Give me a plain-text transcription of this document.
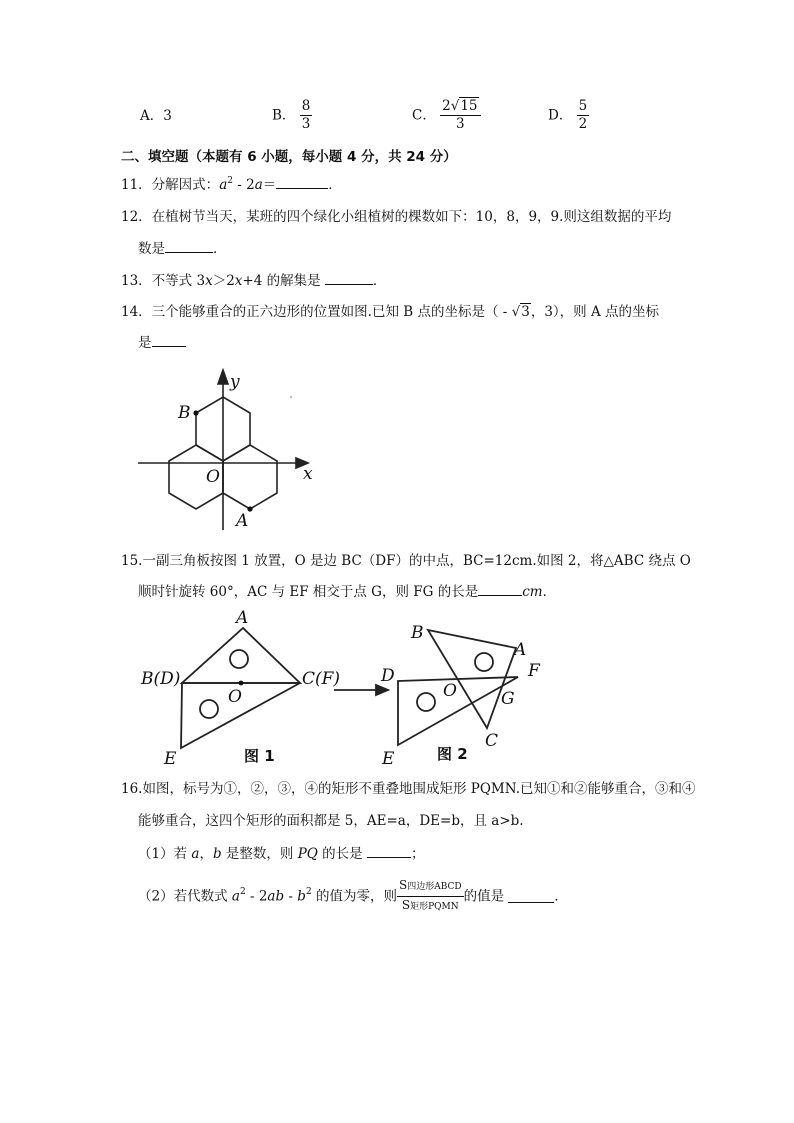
A．3	B． $\frac{8}{3}$	C． $\frac{2√15}{3}$	D． $\frac{5}{2}$
二、填空题（本题有 6 小题，每小题 4 分，共 24 分）
11．分解因式：$a^2 - 2a=$	．
12．在植树节当天，某班的四个绿化小组植树的棵数如下：10，8，9，9.则这组数据的平均
数是	．
13．不等式 3x＞2x+4 的解集是	．
14．三个能够重合的正六边形的位置如图.已知 B 点的坐标是（ - √3，3），则 A 点的坐标
是
y
x
B
O
A
15.一副三角板按图 1 放置，O 是边 BC（DF）的中点，BC=12cm.如图 2，将△ABC 绕点 O
顺时针旋转 60°，AC 与 EF 相交于点 G，则 FG 的长是	cm．
A
B(D)	C(F)
O
E
B
A
D	F
O	G
C
E
图 1	图 2
16.如图，标号为①，②，③，④的矩形不重叠地围成矩形 PQMN.已知①和②能够重合，③和④
能够重合，这四个矩形的面积都是 5，AE=a，DE=b，且 a>b.
（1）若 a，b 是整数，则 PQ 的长是	；
（2）若代数式 $a^2 - 2ab - b^2$ 的值为零，则 $\frac{\text{S四边形ABCD}}{\text{S矩形PQMN}}$ 的值是	．
